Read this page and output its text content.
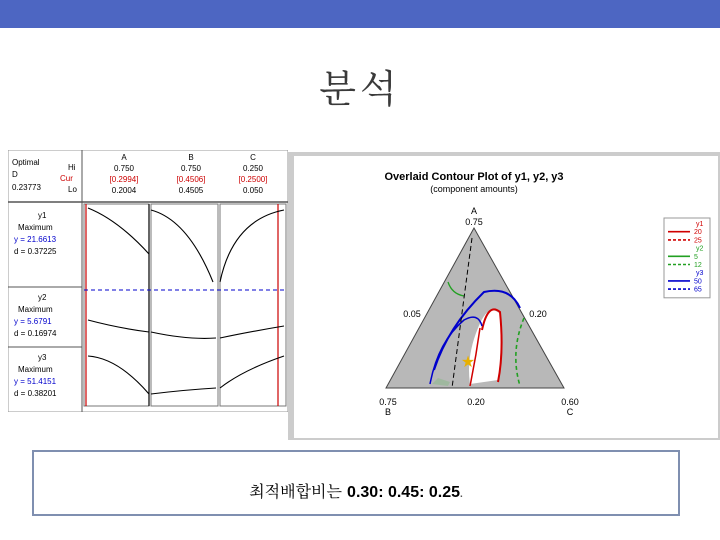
분석
Optimal
D
0.23773
Hi
Cur
Lo
A
0.750
[0.2994]
0.2004
B
0.750
[0.4506]
0.4505
C
0.250
[0.2500]
0.050
y1
Maximum
y = 21.6613
d = 0.37225
y2
Maximum
y = 5.6791
d = 0.16974
y3
Maximum
y = 51.4151
d = 0.38201
Overlaid Contour Plot of y1, y2, y3
(component amounts)
★
A
0.75
0.75
B
0.60
C
0.05	0.20
0.20
y1
20
25
y2
5
12
y3
50
65
최적배합비는 0.30: 0.45: 0.25.
